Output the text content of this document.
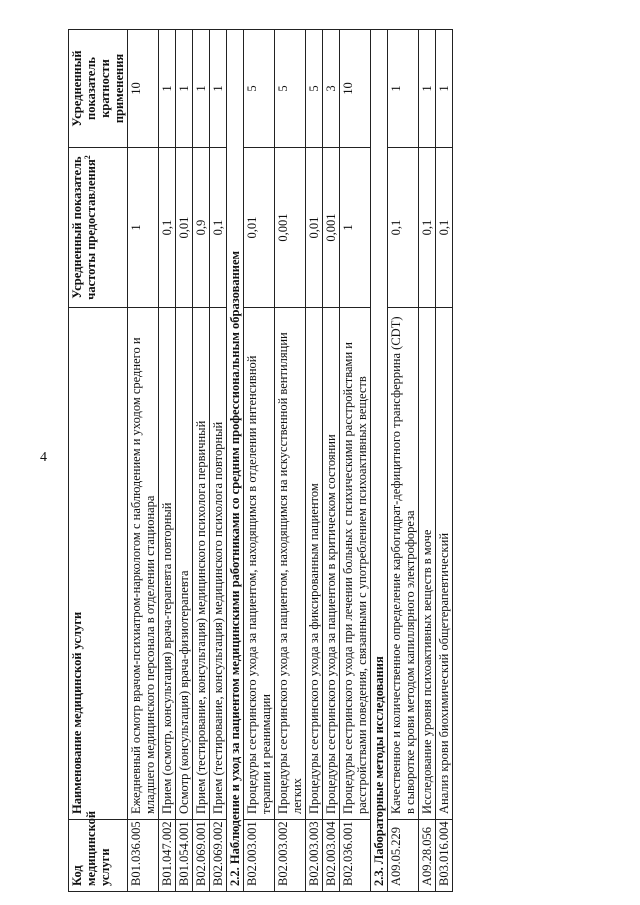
4
Код медицинской услуги	Наименование медицинской услуги	Усредненный показатель частоты предоставления$^2$	Усредненный показатель кратности применения
B01.036.005	Ежедневный осмотр врачом-психиатром-наркологом с наблюдением и уходом среднего и младшего медицинского персонала в отделении стационара	1	10
B01.047.002	Прием (осмотр, консультация) врача-терапевта повторный	0,1	1
B01.054.001	Осмотр (консультация) врача-физиотерапевта	0,01	1
B02.069.001	Прием (тестирование, консультация) медицинского психолога первичный	0,9	1
B02.069.002	Прием (тестирование, консультация) медицинского психолога повторный	0,1	1
2.2. Наблюдение и уход за пациентом медицинскими работниками со средним профессиональным образованием			
B02.003.001	Процедуры сестринского ухода за пациентом, находящимся в отделении интенсивной терапии и реанимации	0,01	5
B02.003.002	Процедуры сестринского ухода за пациентом, находящимся на искусственной вентиляции легких	0,001	5
B02.003.003	Процедуры сестринского ухода за фиксированным пациентом	0,01	5
B02.003.004	Процедуры сестринского ухода за пациентом в критическом состоянии	0,001	3
B02.036.001	Процедуры сестринского ухода при лечении больных с психическими расстройствами и расстройствами поведения, связанными с употреблением психоактивных веществ	1	10
2.3. Лабораторные методы исследования			
A09.05.229	Качественное и количественное определение карбогидрат-дефицитного трансферрина (CDT) в сыворотке крови методом капиллярного электрофореза	0,1	1
A09.28.056	Исследование уровня психоактивных веществ в моче	0,1	1
B03.016.004	Анализ крови биохимический общетерапевтический	0,1	1
